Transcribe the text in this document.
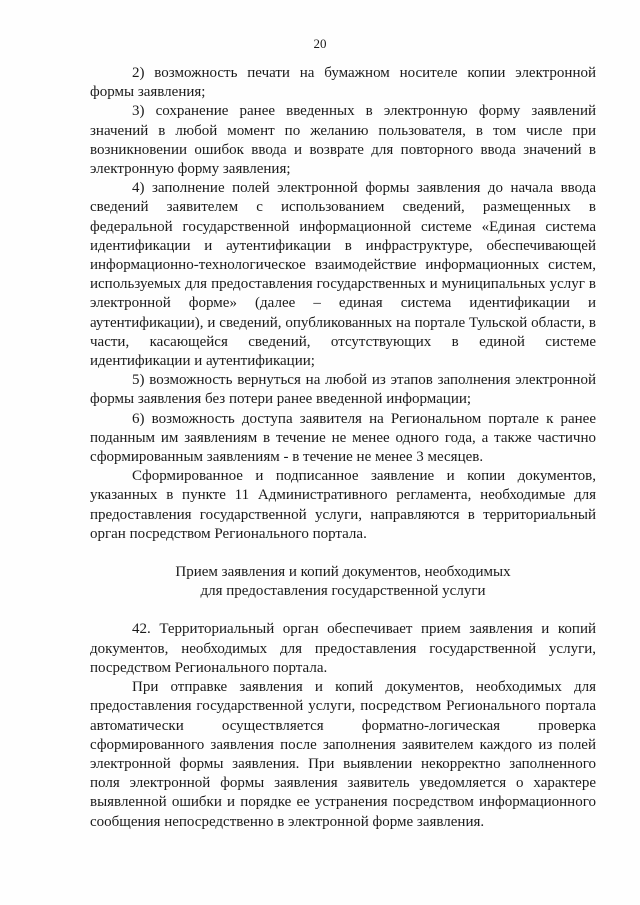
20

2) возможность печати на бумажном носителе копии электронной формы заявления;

3) сохранение ранее введенных в электронную форму заявлений значений в любой момент по желанию пользователя, в том числе при возникновении ошибок ввода и возврате для повторного ввода значений в электронную форму заявления;

4) заполнение полей электронной формы заявления до начала ввода сведений заявителем с использованием сведений, размещенных в федеральной государственной информационной системе «Единая система идентификации и аутентификации в инфраструктуре, обеспечивающей информационно-технологическое взаимодействие информационных систем, используемых для предоставления государственных и муниципальных услуг в электронной форме» (далее – единая система идентификации и аутентификации), и сведений, опубликованных на портале Тульской области, в части, касающейся сведений, отсутствующих в единой системе идентификации и аутентификации;

5) возможность вернуться на любой из этапов заполнения электронной формы заявления без потери ранее введенной информации;

6) возможность доступа заявителя на Региональном портале к ранее поданным им заявлениям в течение не менее одного года, а также частично сформированным заявлениям - в течение не менее 3 месяцев.

Сформированное и подписанное заявление и копии документов, указанных в пункте 11 Административного регламента, необходимые для предоставления государственной услуги, направляются в территориальный орган посредством Регионального портала.

Прием заявления и копий документов, необходимых
для предоставления государственной услуги

42. Территориальный орган обеспечивает прием заявления и копий документов, необходимых для предоставления государственной услуги, посредством Регионального портала.

При отправке заявления и копий документов, необходимых для предоставления государственной услуги, посредством Регионального портала автоматически осуществляется форматно-логическая проверка сформированного заявления после заполнения заявителем каждого из полей электронной формы заявления. При выявлении некорректно заполненного поля электронной формы заявления заявитель уведомляется о характере выявленной ошибки и порядке ее устранения посредством информационного сообщения непосредственно в электронной форме заявления.
